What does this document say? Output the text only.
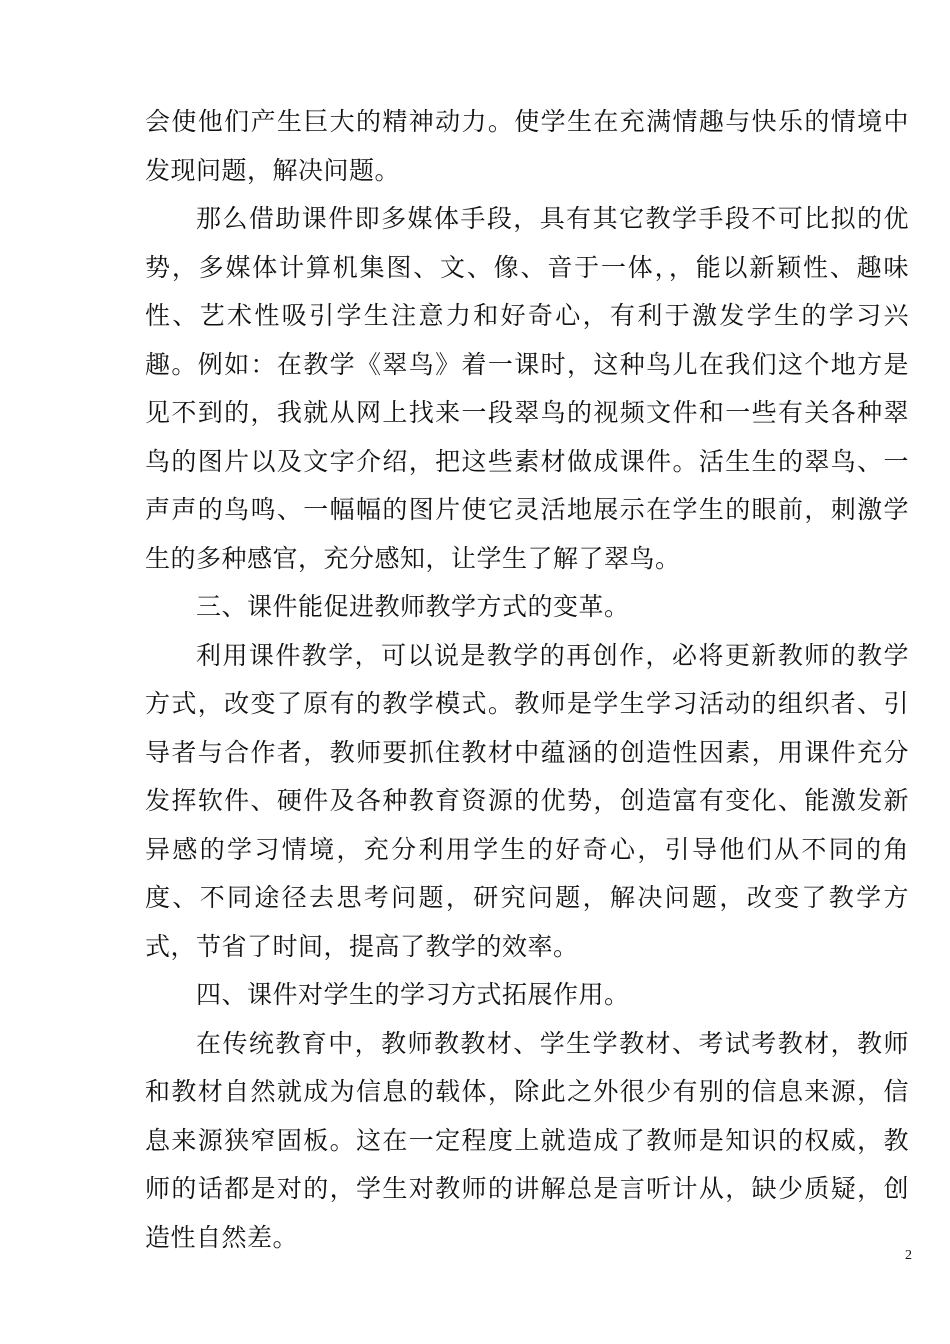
会使他们产生巨大的精神动力。使学生在充满情趣与快乐的情境中发现问题，解决问题。

那么借助课件即多媒体手段，具有其它教学手段不可比拟的优势，多媒体计算机集图、文、像、音于一体，，能以新颖性、趣味性、艺术性吸引学生注意力和好奇心，有利于激发学生的学习兴趣。例如：在教学《翠鸟》着一课时，这种鸟儿在我们这个地方是见不到的，我就从网上找来一段翠鸟的视频文件和一些有关各种翠鸟的图片以及文字介绍，把这些素材做成课件。活生生的翠鸟、一声声的鸟鸣、一幅幅的图片使它灵活地展示在学生的眼前，刺激学生的多种感官，充分感知，让学生了解了翠鸟。

三、课件能促进教师教学方式的变革。

利用课件教学，可以说是教学的再创作，必将更新教师的教学方式，改变了原有的教学模式。教师是学生学习活动的组织者、引导者与合作者，教师要抓住教材中蕴涵的创造性因素，用课件充分发挥软件、硬件及各种教育资源的优势，创造富有变化、能激发新异感的学习情境，充分利用学生的好奇心，引导他们从不同的角度、不同途径去思考问题，研究问题，解决问题，改变了教学方式，节省了时间，提高了教学的效率。

四、课件对学生的学习方式拓展作用。

在传统教育中，教师教教材、学生学教材、考试考教材，教师和教材自然就成为信息的载体，除此之外很少有别的信息来源，信息来源狭窄固板。这在一定程度上就造成了教师是知识的权威，教师的话都是对的，学生对教师的讲解总是言听计从，缺少质疑，创造性自然差。

2
